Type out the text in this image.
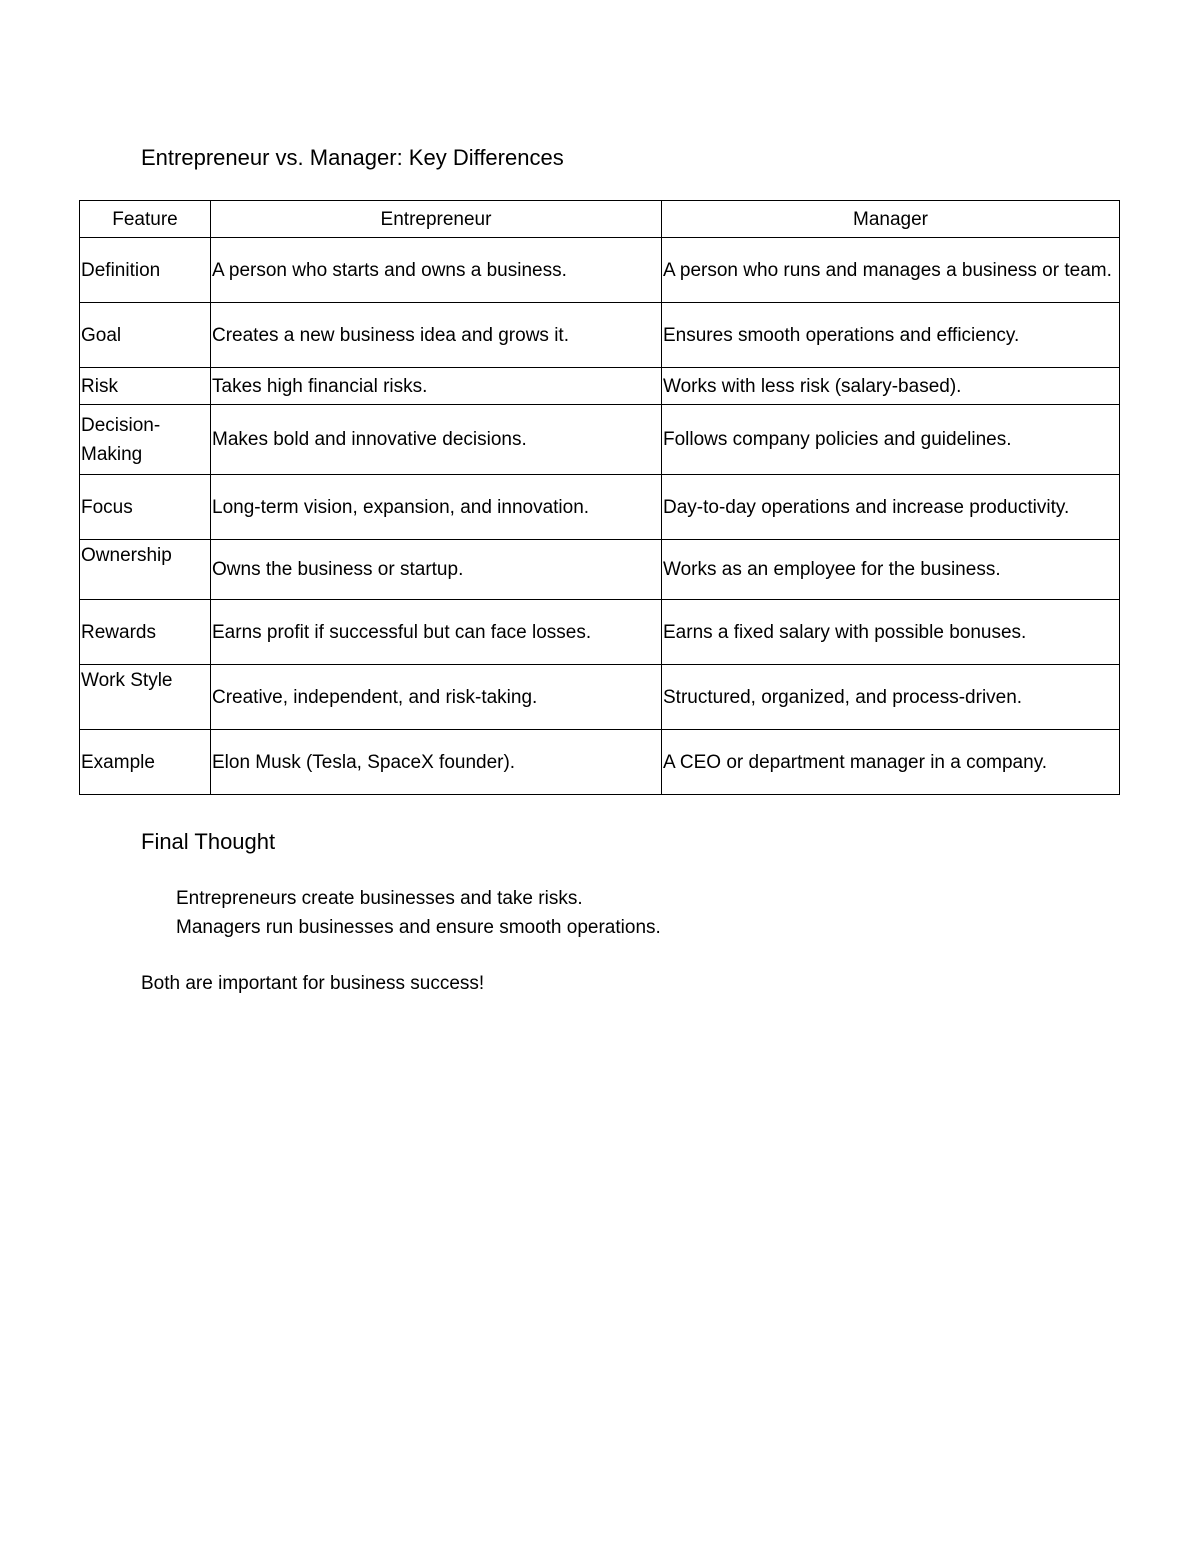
Entrepreneur vs. Manager: Key Differences
Feature	Entrepreneur	Manager
Definition	A person who starts and owns a business.	A person who runs and manages a business or team.
Goal	Creates a new business idea and grows it.	Ensures smooth operations and efficiency.
Risk	Takes high financial risks.	Works with less risk (salary-based).
Decision-Making	Makes bold and innovative decisions.	Follows company policies and guidelines.
Focus	Long-term vision, expansion, and innovation.	Day-to-day operations and increase productivity.

Ownership	Owns the business or startup.	Works as an employee for the business.
Rewards	Earns profit if successful but can face losses.	Earns a fixed salary with possible bonuses.

Work Style	Creative, independent, and risk-taking.	Structured, organized, and process-driven.
Example	Elon Musk (Tesla, SpaceX founder).	A CEO or department manager in a company.
Final Thought
Entrepreneurs create businesses and take risks.
Managers run businesses and ensure smooth operations.
Both are important for business success!
